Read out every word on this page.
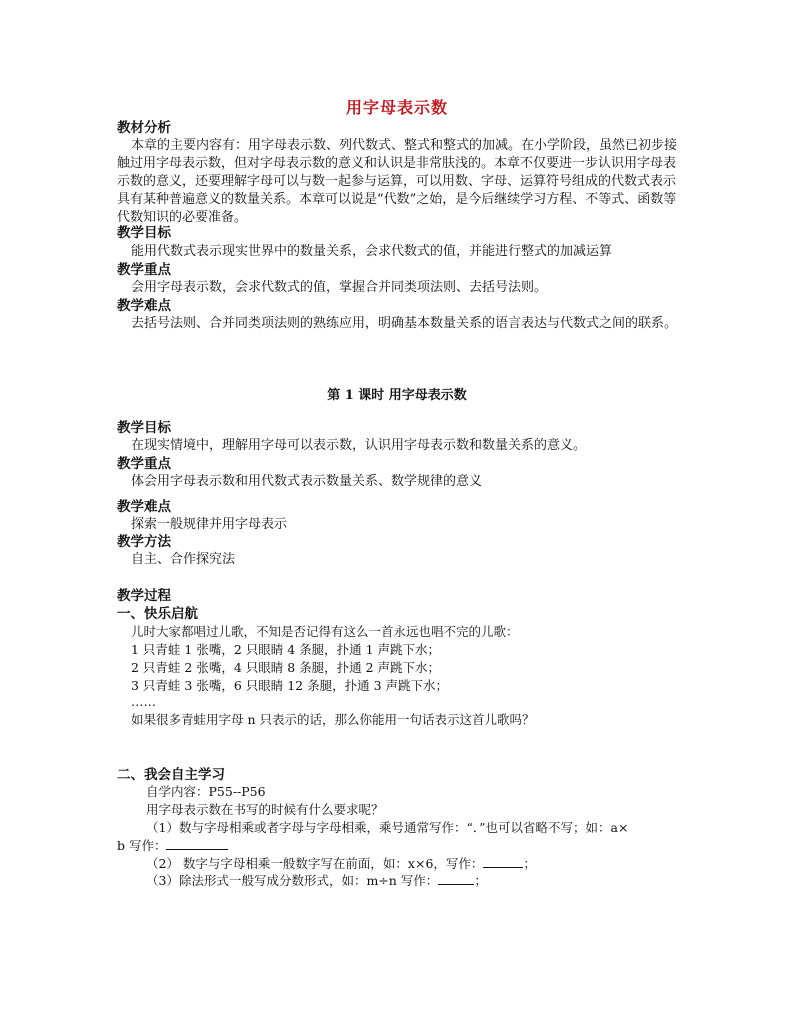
用字母表示数
教材分析
本章的主要内容有：用字母表示数、列代数式、整式和整式的加减。在小学阶段，虽然已初步接触过用字母表示数，但对字母表示数的意义和认识是非常肤浅的。本章不仅要进一步认识用字母表示数的意义，还要理解字母可以与数一起参与运算，可以用数、字母、运算符号组成的代数式表示具有某种普遍意义的数量关系。本章可以说是“代数”之始，是今后继续学习方程、不等式、函数等代数知识的必要准备。
教学目标
能用代数式表示现实世界中的数量关系，会求代数式的值，并能进行整式的加减运算
教学重点
会用字母表示数，会求代数式的值，掌握合并同类项法则、去括号法则。
教学难点
去括号法则、合并同类项法则的熟练应用，明确基本数量关系的语言表达与代数式之间的联系。
第 1 课时 用字母表示数
教学目标
在现实情境中，理解用字母可以表示数，认识用字母表示数和数量关系的意义。
教学重点
体会用字母表示数和用代数式表示数量关系、数学规律的意义
教学难点
探索一般规律并用字母表示
教学方法
自主、合作探究法
教学过程
一、快乐启航
儿时大家都唱过儿歌，不知是否记得有这么一首永远也唱不完的儿歌：
1 只青蛙 1 张嘴，2 只眼睛 4 条腿，扑通 1 声跳下水；
2 只青蛙 2 张嘴，4 只眼睛 8 条腿，扑通 2 声跳下水；
3 只青蛙 3 张嘴，6 只眼睛 12 条腿，扑通 3 声跳下水；
……
如果很多青蛙用字母 n 只表示的话，那么你能用一句话表示这首儿歌吗？
二、我会自主学习
自学内容：P55--P56
用字母表示数在书写的时候有什么要求呢？
（1）数与字母相乘或者字母与字母相乘，乘号通常写作：“．”也可以省略不写；如：a×
b 写作：
（2） 数字与字母相乘一般数字写在前面，如：x×6，写作：	；
（3）除法形式一般写成分数形式，如：m÷n 写作：	；
